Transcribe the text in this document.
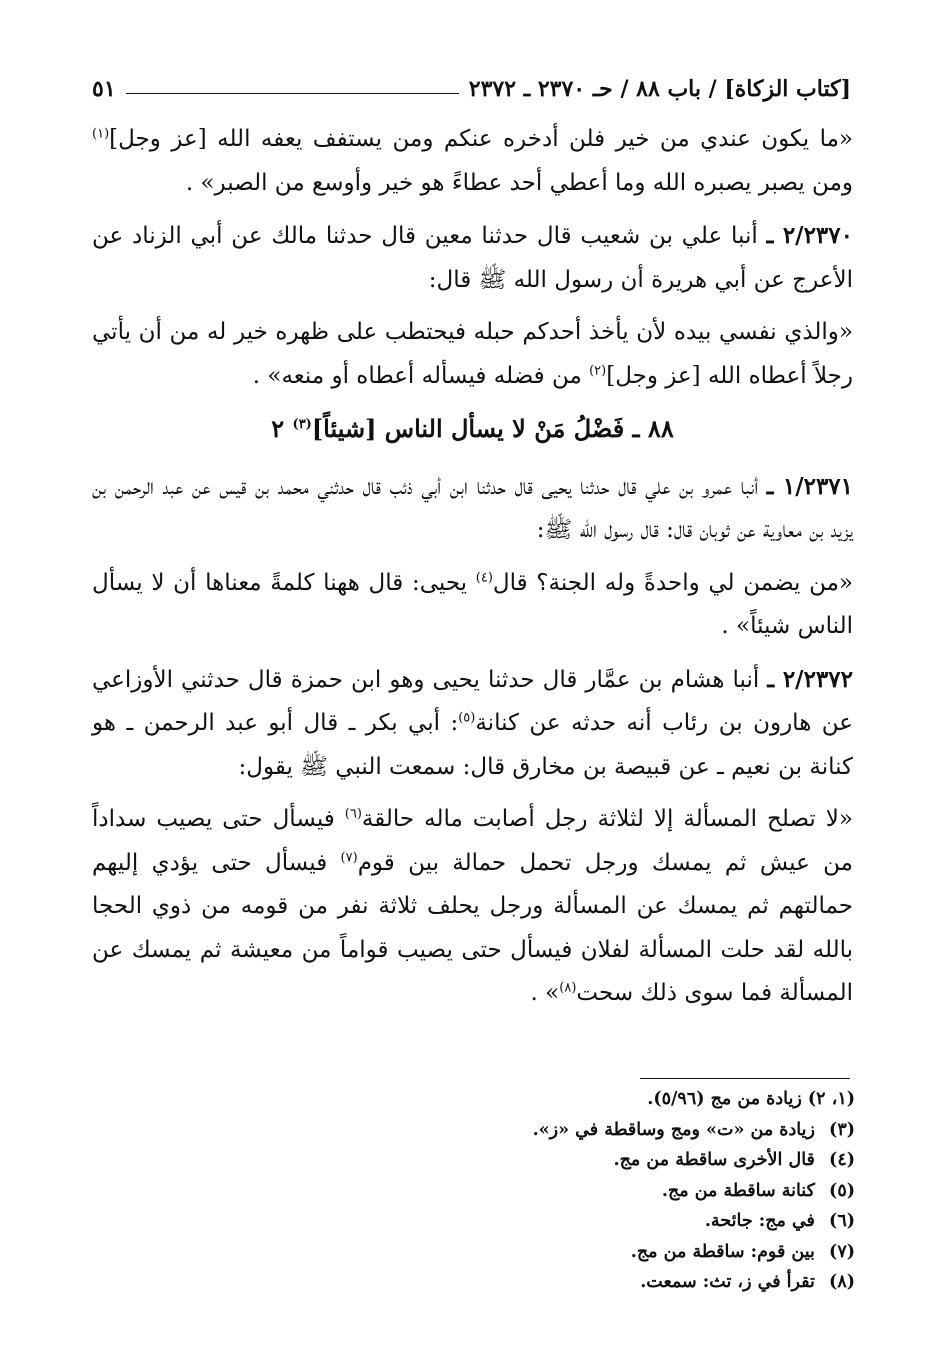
[كتاب الزكاة] / باب ٨٨ / حـ ٢٣٧٠ ـ ٢٣٧٢
٥١

«ما يكون عندي من خير فلن أدخره عنكم ومن يستفف يعفه الله [عز وجل]$^{(١)}$ ومن يصبر يصبره الله وما أعطي أحد عطاءً هو خير وأوسع من الصبر» .

٢/٢٣٧٠ ـ أنبا علي بن شعيب قال حدثنا معين قال حدثنا مالك عن أبي الزناد عن الأعرج عن أبي هريرة أن رسول الله ﷺ قال:

«والذي نفسي بيده لأن يأخذ أحدكم حبله فيحتطب على ظهره خير له من أن يأتي رجلاً أعطاه الله [عز وجل]$^{(٢)}$ من فضله فيسأله أعطاه أو منعه» .

٨٨ ـ فَضْلُ مَنْ لا يسأل الناس [شيئاً]$^{(٣)}$ ٢

١/٢٣٧١ ـ أنبا عمرو بن علي قال حدثنا يحيى قال حدثنا ابن أبي ذئب قال حدثني محمد بن قيس عن عبد الرحمن بن يزيد بن معاوية عن ثوبان قال: قال رسول الله ﷺ:

«من يضمن لي واحدةً وله الجنة؟ قال$^{(٤)}$ يحيى: قال ههنا كلمةً معناها أن لا يسأل الناس شيئاً» .

٢/٢٣٧٢ ـ أنبا هشام بن عمَّار قال حدثنا يحيى وهو ابن حمزة قال حدثني الأوزاعي عن هارون بن رئاب أنه حدثه عن كنانة$^{(٥)}$: أبي بكر ـ قال أبو عبد الرحمن ـ هو كنانة بن نعيم ـ عن قبيصة بن مخارق قال: سمعت النبي ﷺ يقول:

«لا تصلح المسألة إلا لثلاثة رجل أصابت ماله حالقة$^{(٦)}$ فيسأل حتى يصيب سداداً من عيش ثم يمسك ورجل تحمل حمالة بين قوم$^{(٧)}$ فيسأل حتى يؤدي إليهم حمالتهم ثم يمسك عن المسألة ورجل يحلف ثلاثة نفر من قومه من ذوي الحجا بالله لقد حلت المسألة لفلان فيسأل حتى يصيب قواماً من معيشة ثم يمسك عن المسألة فما سوى ذلك سحت$^{(٨)}$» .

(١، ٢) زيادة من مج (٥/٩٦).
(٣) زيادة من «ت» ومج وساقطة في «ز».
(٤) قال الأخرى ساقطة من مج.
(٥) كنانة ساقطة من مج.
(٦) في مج: جائحة.
(٧) بين قوم: ساقطة من مج.
(٨) تقرأ في ز، تث: سمعت.
